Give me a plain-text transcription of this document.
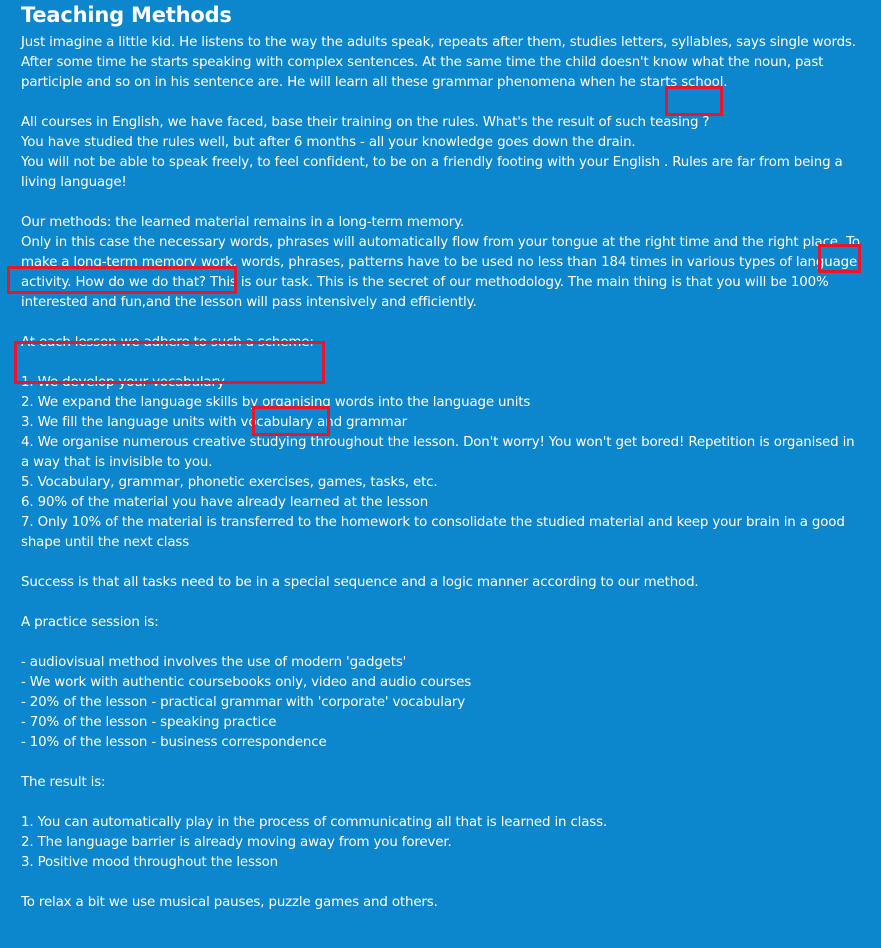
Teaching Methods

Just imagine a little kid. He listens to the way the adults speak, repeats after them, studies letters, syllables, says single words. After some time he starts speaking with complex sentences. At the same time the child doesn't know what the noun, past participle and so on in his sentence are. He will learn all these grammar phenomena when he starts school.

All courses in English, we have faced, base their training on the rules. What's the result of such teasing ?

You have studied the rules well, but after 6 months - all your knowledge goes down the drain.

You will not be able to speak freely, to feel confident, to be on a friendly footing with your English . Rules are far from being a living language!

Our methods: the learned material remains in a long-term memory.

Only in this case the necessary words, phrases will automatically flow from your tongue at the right time and the right place. To make a long-term memory work, words, phrases, patterns have to be used no less than 184 times in various types of language activity. How do we do that? This is our task. This is the secret of our methodology. The main thing is that you will be 100% interested and fun,and the lesson will pass intensively and efficiently.

At each lesson we adhere to such a scheme:

1. We develop your vocabulary

2. We expand the language skills by organising words into the language units

3. We fill the language units with vocabulary and grammar

4. We organise numerous creative studying throughout the lesson. Don't worry! You won't get bored! Repetition is organised in a way that is invisible to you.

5. Vocabulary, grammar, phonetic exercises, games, tasks, etc.

6. 90% of the material you have already learned at the lesson

7. Only 10% of the material is transferred to the homework to consolidate the studied material and keep your brain in a good shape until the next class

Success is that all tasks need to be in a special sequence and a logic manner according to our method.

A practice session is:

- audiovisual method involves the use of modern 'gadgets'

- We work with authentic coursebooks only, video and audio courses

- 20% of the lesson - practical grammar with 'corporate' vocabulary

- 70% of the lesson - speaking practice

- 10% of the lesson - business correspondence

The result is:

1. You can automatically play in the process of communicating all that is learned in class.

2. The language barrier is already moving away from you forever.

3. Positive mood throughout the lesson

To relax a bit we use musical pauses, puzzle games and others.
